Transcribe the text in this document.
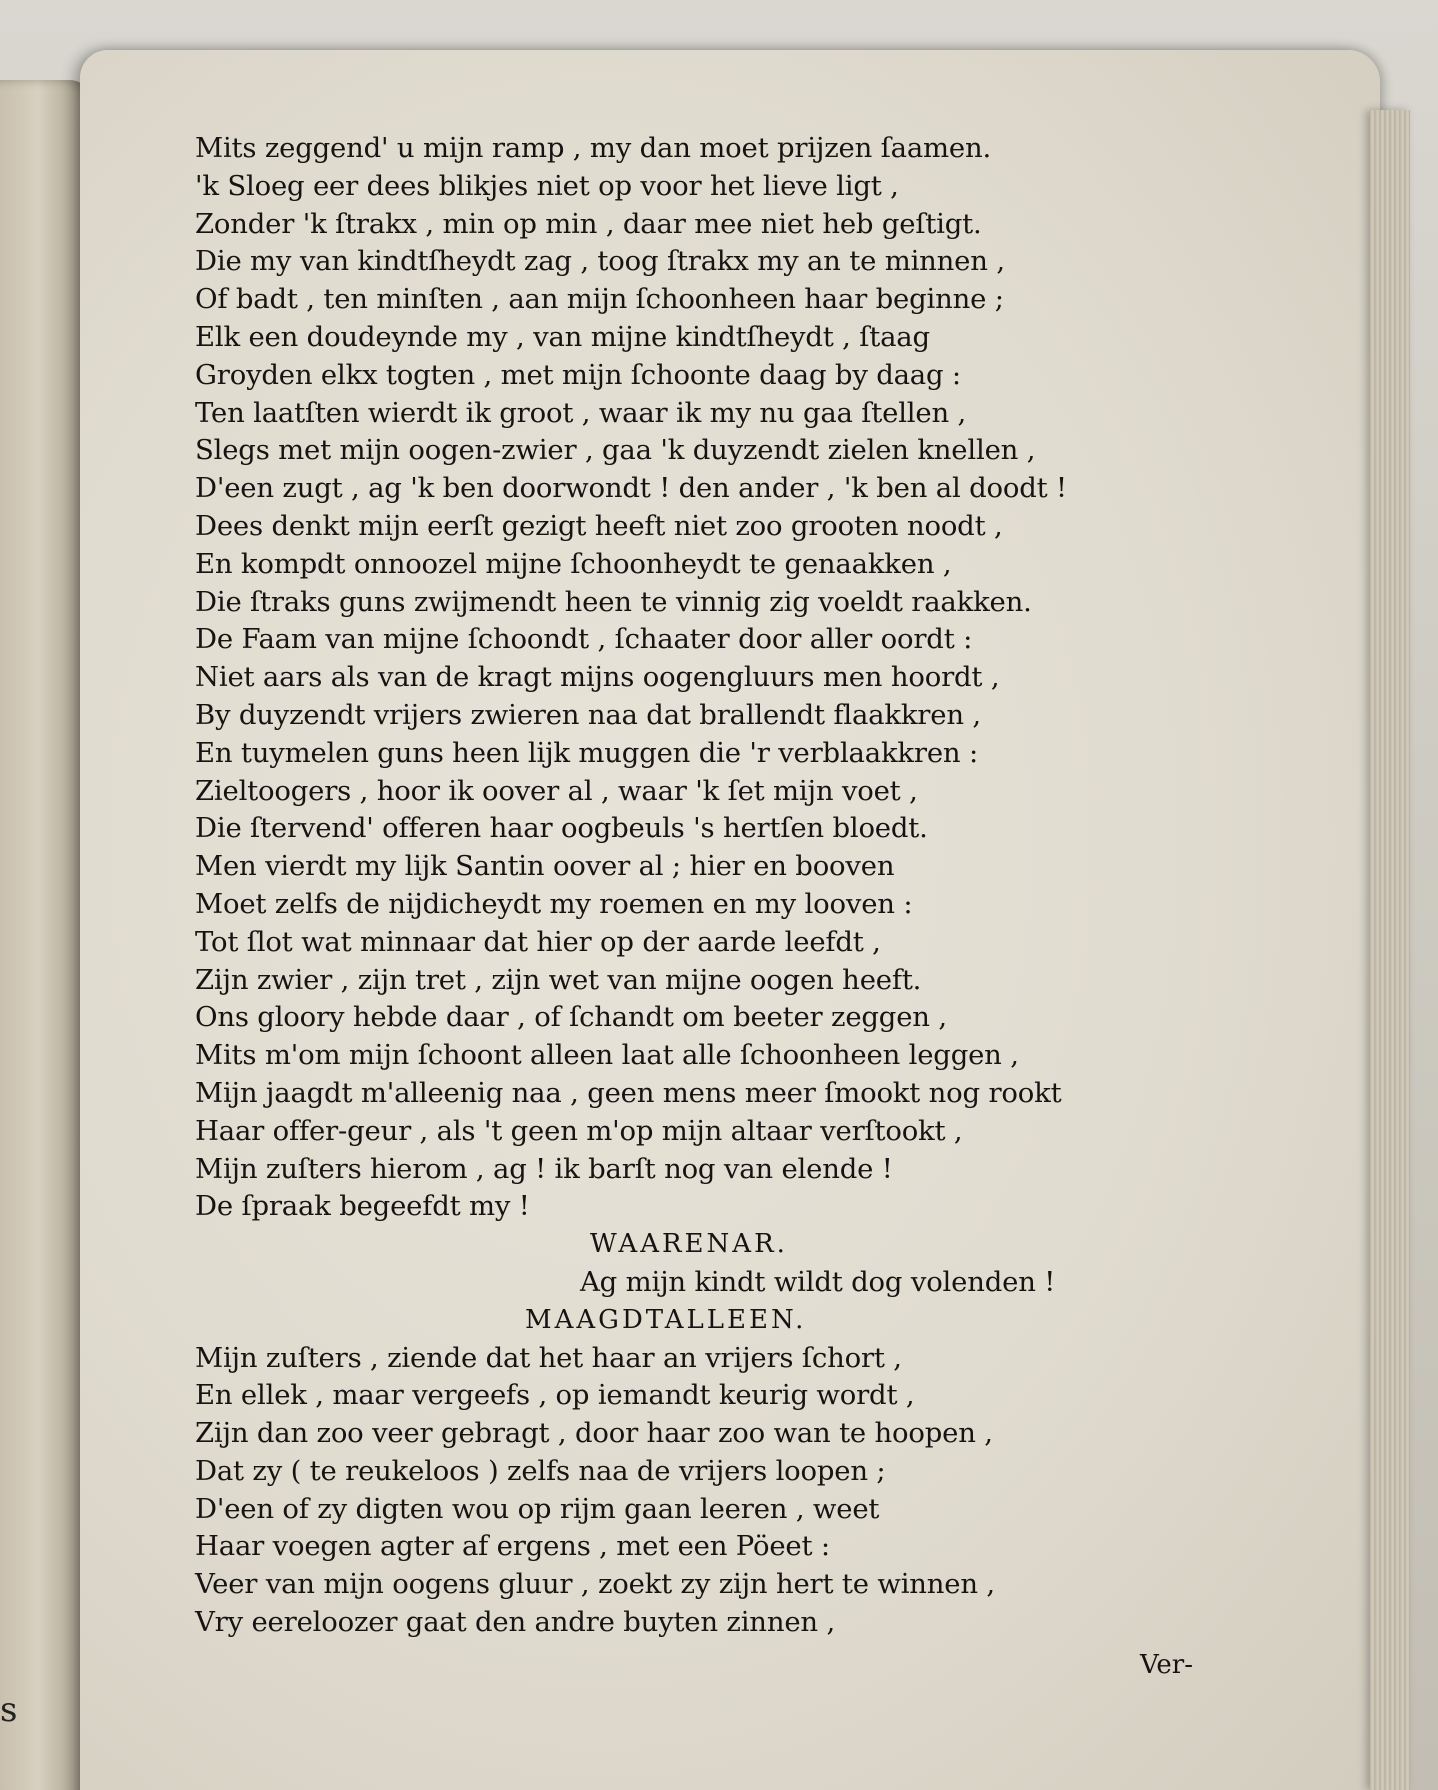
s
Mits zeggend' u mijn ramp , my dan moet prijzen ſaamen.
'k Sloeg eer dees blikjes niet op voor het lieve ligt ,
Zonder 'k ſtrakx , min op min , daar mee niet heb geſtigt.
Die my van kindtſheydt zag , toog ſtrakx my an te minnen ,
Of badt , ten minſten , aan mijn ſchoonheen haar beginne ;
Elk een doudeynde my , van mijne kindtſheydt , ſtaag
Groyden elkx togten , met mijn ſchoonte daag by daag :
Ten laatſten wierdt ik groot , waar ik my nu gaa ſtellen ,
Slegs met mijn oogen-zwier , gaa 'k duyzendt zielen knellen ,
D'een zugt , ag 'k ben doorwondt ! den ander , 'k ben al doodt !
Dees denkt mijn eerſt gezigt heeft niet zoo grooten noodt ,
En kompdt onnoozel mijne ſchoonheydt te genaakken ,
Die ſtraks guns zwijmendt heen te vinnig zig voeldt raakken.
De Faam van mijne ſchoondt , ſchaater door aller oordt :
Niet aars als van de kragt mijns oogengluurs men hoordt ,
By duyzendt vrijers zwieren naa dat brallendt flaakkren ,
En tuymelen guns heen lijk muggen die 'r verblaakkren :
Zieltoogers , hoor ik oover al , waar 'k ſet mijn voet ,
Die ſtervend' offeren haar oogbeuls 's hertſen bloedt.
Men vierdt my lijk Santin oover al ; hier en booven
Moet zelfs de nijdicheydt my roemen en my looven :
Tot ſlot wat minnaar dat hier op der aarde leefdt ,
Zijn zwier , zijn tret , zijn wet van mijne oogen heeft.
Ons gloory hebde daar , of ſchandt om beeter zeggen ,
Mits m'om mijn ſchoont alleen laat alle ſchoonheen leggen ,
Mijn jaagdt m'alleenig naa , geen mens meer ſmookt nog rookt
Haar offer-geur , als 't geen m'op mijn altaar verſtookt ,
Mijn zuſters hierom , ag ! ik barſt nog van elende !
De ſpraak begeefdt my !
WAARENAR.
Ag mijn kindt wildt dog volenden !
MAAGDTALLEEN.
Mijn zuſters , ziende dat het haar an vrijers ſchort ,
En ellek , maar vergeefs , op iemandt keurig wordt ,
Zijn dan zoo veer gebragt , door haar zoo wan te hoopen ,
Dat zy ( te reukeloos ) zelfs naa de vrijers loopen ;
D'een of zy digten wou op rijm gaan leeren , weet
Haar voegen agter af ergens , met een Pöeet :
Veer van mijn oogens gluur , zoekt zy zijn hert te winnen ,
Vry eereloozer gaat den andre buyten zinnen ,
Ver-
